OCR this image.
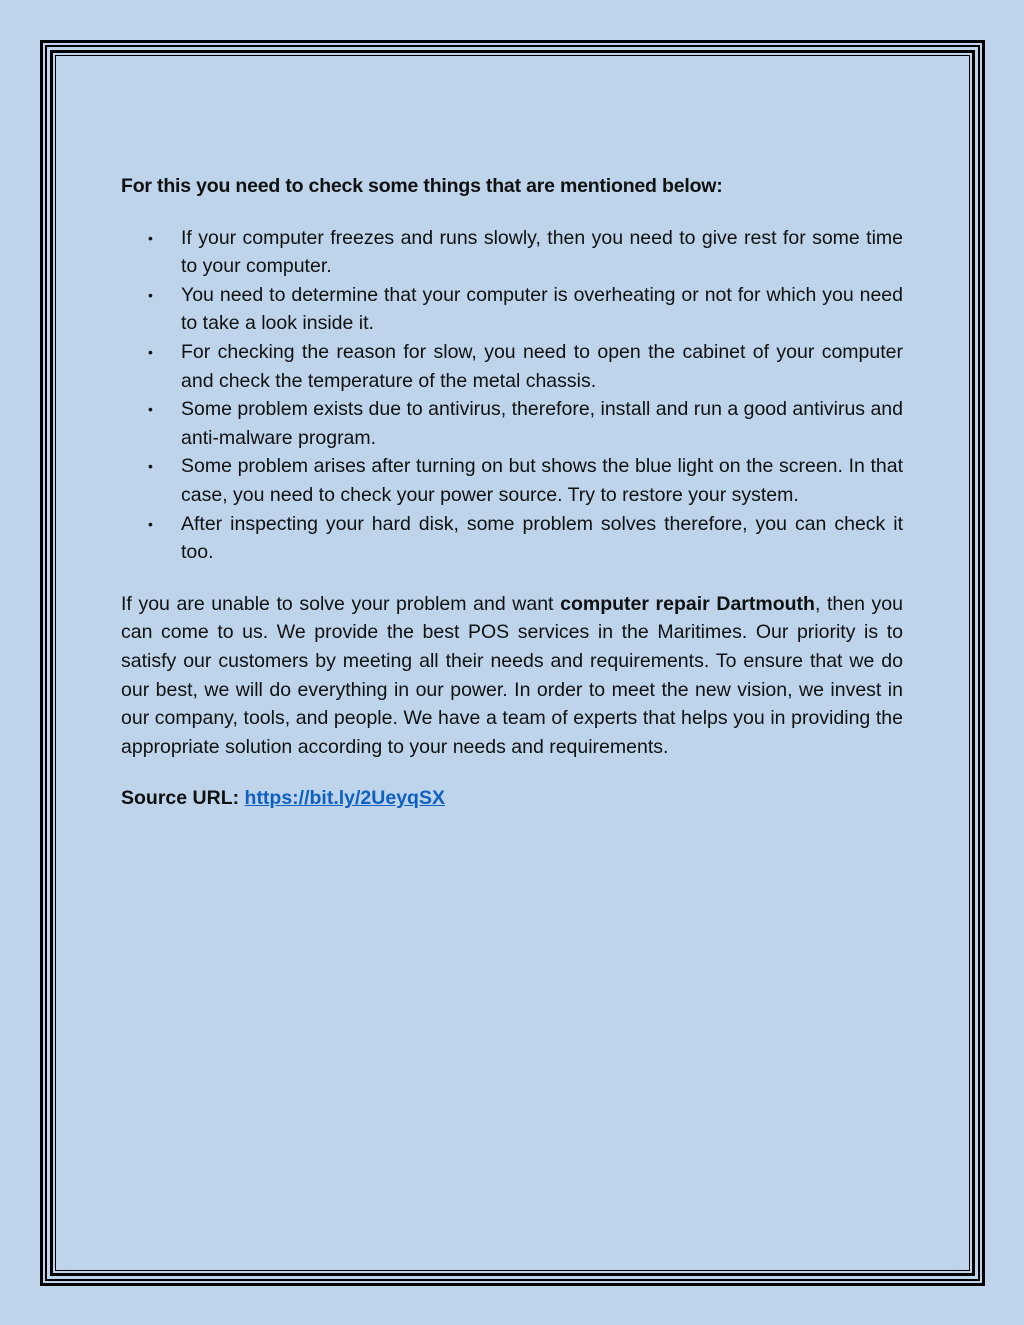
For this you need to check some things that are mentioned below:

• If your computer freezes and runs slowly, then you need to give rest for some time to your computer.
• You need to determine that your computer is overheating or not for which you need to take a look inside it.
• For checking the reason for slow, you need to open the cabinet of your computer and check the temperature of the metal chassis.
• Some problem exists due to antivirus, therefore, install and run a good antivirus and anti-malware program.
• Some problem arises after turning on but shows the blue light on the screen. In that case, you need to check your power source. Try to restore your system.
• After inspecting your hard disk, some problem solves therefore, you can check it too.

If you are unable to solve your problem and want computer repair Dartmouth, then you can come to us. We provide the best POS services in the Maritimes. Our priority is to satisfy our customers by meeting all their needs and requirements. To ensure that we do our best, we will do everything in our power. In order to meet the new vision, we invest in our company, tools, and people. We have a team of experts that helps you in providing the appropriate solution according to your needs and requirements.

Source URL: https://bit.ly/2UeyqSX
